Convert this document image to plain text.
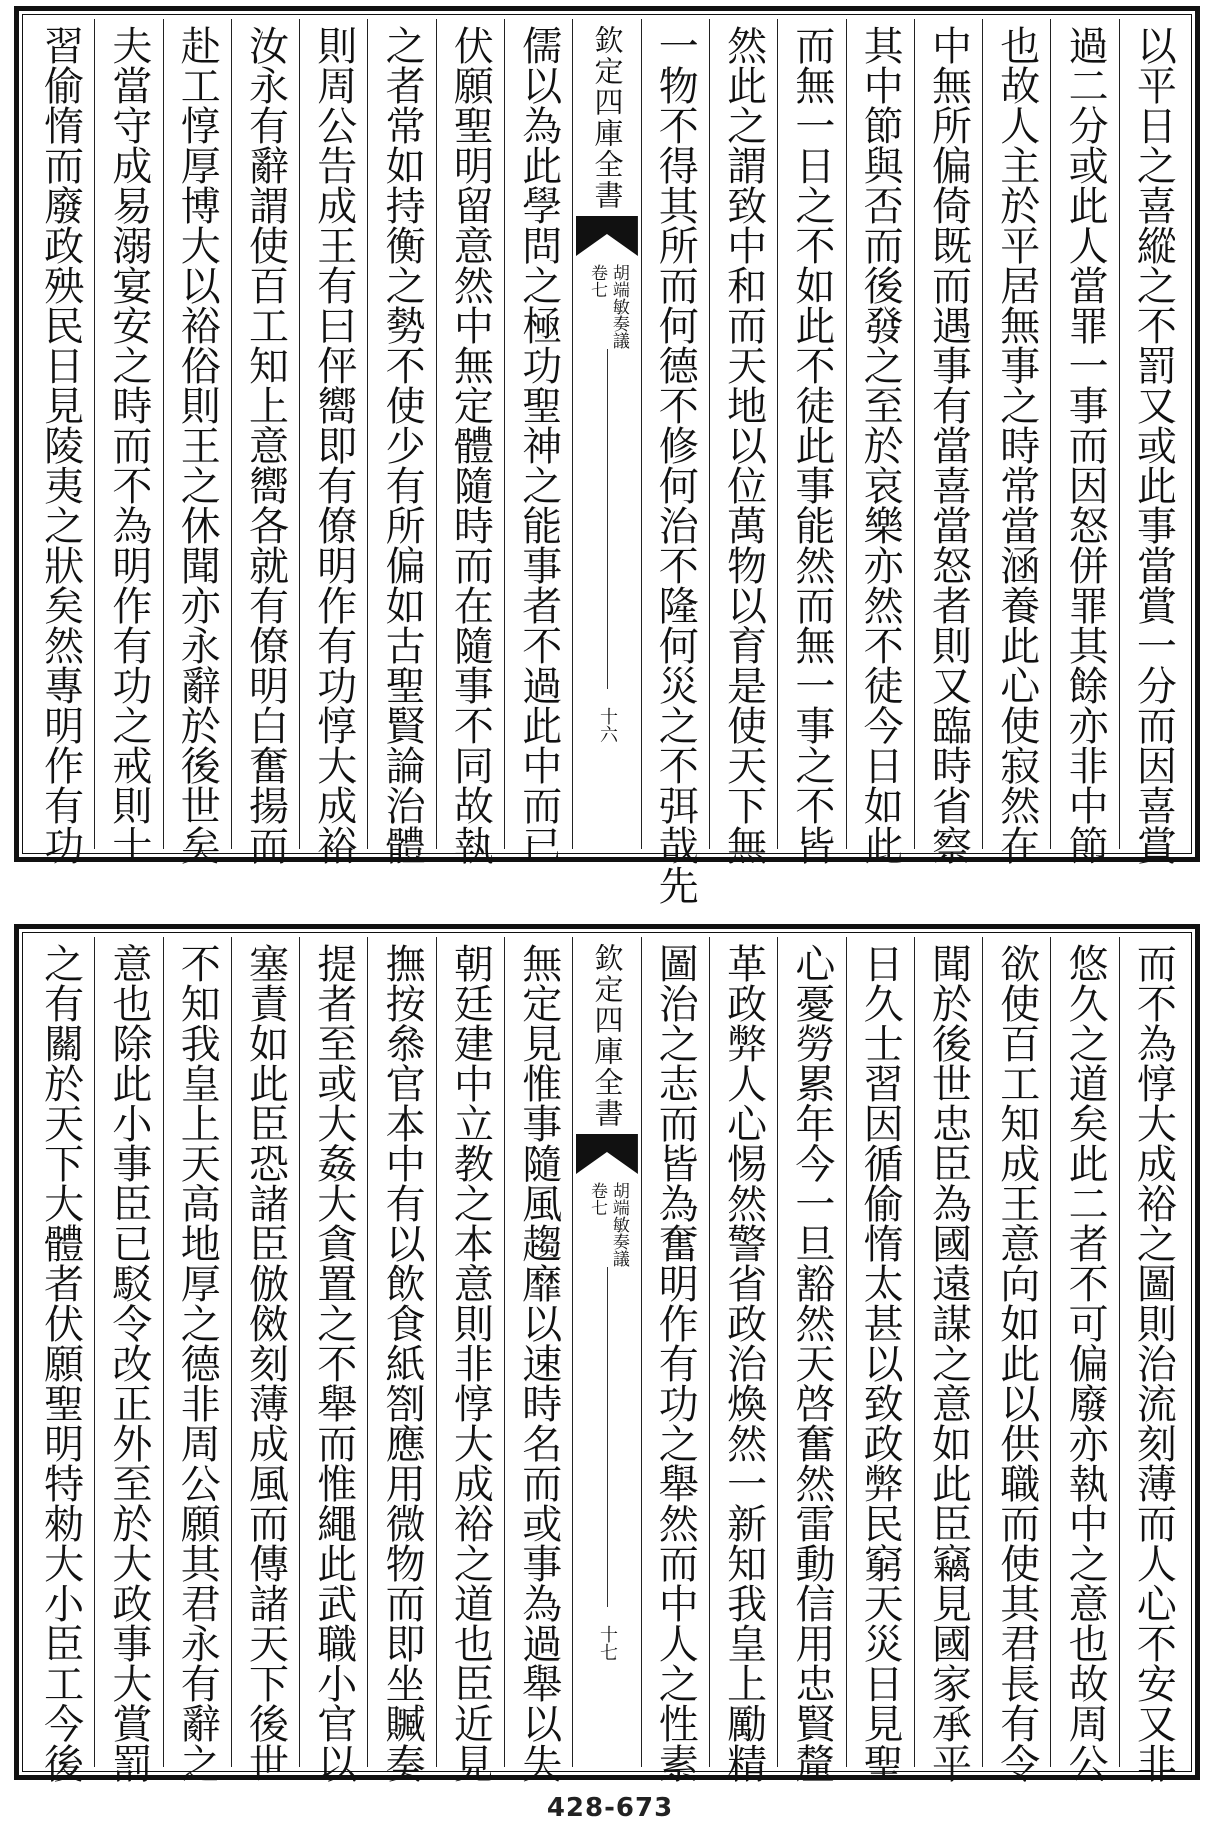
以
平
日
之
喜
縱
之
不
罰
又
或
此
事
當
賞
一
分
而
因
喜
賞
過
二
分
或
此
人
當
罪
一
事
而
因
怒
併
罪
其
餘
亦
非
中
節
也
故
人
主
於
平
居
無
事
之
時
常
當
涵
養
此
心
使
寂
然
在
中
無
所
偏
倚
既
而
遇
事
有
當
喜
當
怒
者
則
又
臨
時
省
察
其
中
節
與
否
而
後
發
之
至
於
哀
樂
亦
然
不
徒
今
日
如
此
而
無
一
日
之
不
如
此
不
徒
此
事
能
然
而
無
一
事
之
不
皆
然
此
之
謂
致
中
和
而
天
地
以
位
萬
物
以
育
是
使
天
下
無
一
物
不
得
其
所
而
何
德
不
修
何
治
不
隆
何
災
之
不
弭
哉
先
欽
定
四
庫
全
書
胡端敏奏議
卷七
十六
儒
以
為
此
學
問
之
極
功
聖
神
之
能
事
者
不
過
此
中
而
已
伏
願
聖
明
留
意
然
中
無
定
體
隨
時
而
在
隨
事
不
同
故
執
之
者
常
如
持
衡
之
勢
不
使
少
有
所
偏
如
古
聖
賢
論
治
體
則
周
公
告
成
王
有
曰
伻
嚮
即
有
僚
明
作
有
功
惇
大
成
裕
汝
永
有
辭
謂
使
百
工
知
上
意
嚮
各
就
有
僚
明
白
奮
揚
而
赴
工
惇
厚
博
大
以
裕
俗
則
王
之
休
聞
亦
永
辭
於
後
世
矣
夫
當
守
成
易
溺
宴
安
之
時
而
不
為
明
作
有
功
之
戒
則
士
習
偷
惰
而
廢
政
殃
民
日
見
陵
夷
之
狀
矣
然
專
明
作
有
功
而
不
為
惇
大
成
裕
之
圖
則
治
流
刻
薄
而
人
心
不
安
又
非
悠
久
之
道
矣
此
二
者
不
可
偏
廢
亦
執
中
之
意
也
故
周
公
欲
使
百
工
知
成
王
意
向
如
此
以
供
職
而
使
其
君
長
有
令
聞
於
後
世
忠
臣
為
國
遠
謀
之
意
如
此
臣
竊
見
國
家
承
平
日
久
士
習
因
循
偷
惰
太
甚
以
致
政
弊
民
窮
天
災
日
見
聖
心
憂
勞
累
年
今
一
旦
豁
然
天
啓
奮
然
雷
動
信
用
忠
賢
釐
革
政
弊
人
心
惕
然
警
省
政
治
煥
然
一
新
知
我
皇
上
勵
精
圖
治
之
志
而
皆
為
奮
明
作
有
功
之
舉
然
而
中
人
之
性
素
欽
定
四
庫
全
書
胡端敏奏議
卷七
十七
無
定
見
惟
事
隨
風
趨
靡
以
速
時
名
而
或
事
為
過
舉
以
失
朝
廷
建
中
立
教
之
本
意
則
非
惇
大
成
裕
之
道
也
臣
近
見
撫
按
叅
官
本
中
有
以
飲
食
紙
劄
應
用
微
物
而
即
坐
贓
奏
提
者
至
或
大
姦
大
貪
置
之
不
舉
而
惟
繩
此
武
職
小
官
以
塞
責
如
此
臣
恐
諸
臣
倣
傚
刻
薄
成
風
而
傳
諸
天
下
後
世
不
知
我
皇
上
天
高
地
厚
之
德
非
周
公
願
其
君
永
有
辭
之
意
也
除
此
小
事
臣
已
駁
令
改
正
外
至
於
大
政
事
大
賞
罰
之
有
關
於
天
下
大
體
者
伏
願
聖
明
特
勑
大
小
臣
工
今
後
428-673
